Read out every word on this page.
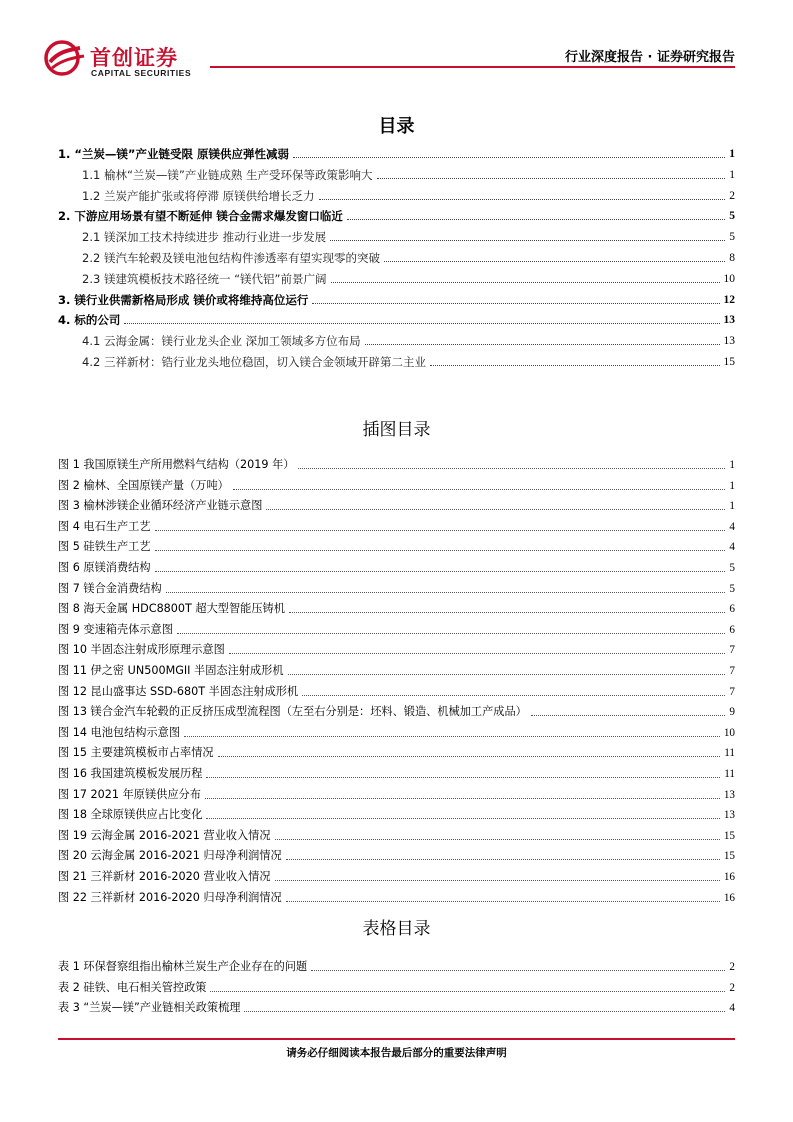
首创证券
CAPITAL SECURITIES
行业深度报告 · 证券研究报告
目录
1. “兰炭—镁”产业链受限 原镁供应弹性减弱	1
1.1 榆林“兰炭—镁”产业链成熟 生产受环保等政策影响大	1
1.2 兰炭产能扩张或将停滞 原镁供给增长乏力	2
2. 下游应用场景有望不断延伸 镁合金需求爆发窗口临近	5
2.1 镁深加工技术持续进步 推动行业进一步发展	5
2.2 镁汽车轮毂及镁电池包结构件渗透率有望实现零的突破	8
2.3 镁建筑模板技术路径统一 “镁代铝”前景广阔	10
3. 镁行业供需新格局形成 镁价或将维持高位运行	12
4. 标的公司	13
4.1 云海金属：镁行业龙头企业 深加工领域多方位布局	13
4.2 三祥新材：锆行业龙头地位稳固，切入镁合金领域开辟第二主业	15
插图目录
图 1 我国原镁生产所用燃料气结构（2019 年）	1
图 2 榆林、全国原镁产量（万吨）	1
图 3 榆林涉镁企业循环经济产业链示意图	1
图 4 电石生产工艺	4
图 5 硅铁生产工艺	4
图 6 原镁消费结构	5
图 7 镁合金消费结构	5
图 8 海天金属 HDC8800T 超大型智能压铸机	6
图 9 变速箱壳体示意图	6
图 10 半固态注射成形原理示意图	7
图 11 伊之密 UN500MGII 半固态注射成形机	7
图 12 昆山盛事达 SSD-680T 半固态注射成形机	7
图 13 镁合金汽车轮毂的正反挤压成型流程图（左至右分别是：坯料、锻造、机械加工产成品）	9
图 14 电池包结构示意图	10
图 15 主要建筑模板市占率情况	11
图 16 我国建筑模板发展历程	11
图 17 2021 年原镁供应分布	13
图 18 全球原镁供应占比变化	13
图 19 云海金属 2016-2021 营业收入情况	15
图 20 云海金属 2016-2021 归母净利润情况	15
图 21 三祥新材 2016-2020 营业收入情况	16
图 22 三祥新材 2016-2020 归母净利润情况	16
表格目录
表 1 环保督察组指出榆林兰炭生产企业存在的问题	2
表 2 硅铁、电石相关管控政策	2
表 3 “兰炭—镁”产业链相关政策梳理	4
请务必仔细阅读本报告最后部分的重要法律声明
